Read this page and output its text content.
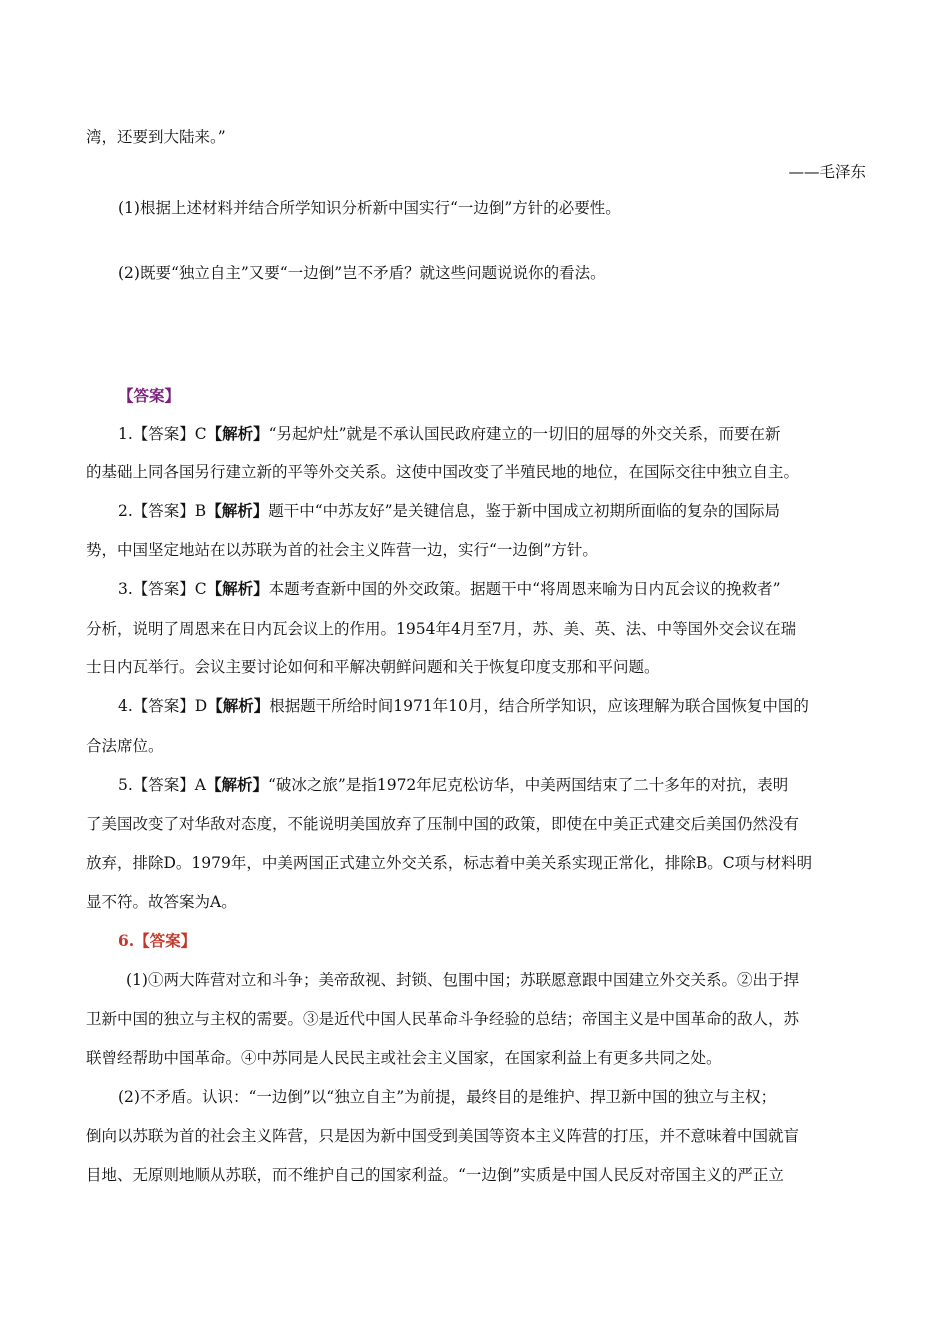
湾，还要到大陆来。”
——毛泽东
(1)根据上述材料并结合所学知识分析新中国实行“一边倒”方针的必要性。
(2)既要“独立自主”又要“一边倒”岂不矛盾？就这些问题说说你的看法。
【答案】
1.【答案】C【解析】“另起炉灶”就是不承认国民政府建立的一切旧的屈辱的外交关系，而要在新
的基础上同各国另行建立新的平等外交关系。这使中国改变了半殖民地的地位，在国际交往中独立自主。
2.【答案】B【解析】题干中“中苏友好”是关键信息，鉴于新中国成立初期所面临的复杂的国际局
势，中国坚定地站在以苏联为首的社会主义阵营一边，实行“一边倒”方针。
3.【答案】C【解析】本题考查新中国的外交政策。据题干中“将周恩来喻为日内瓦会议的挽救者”
分析，说明了周恩来在日内瓦会议上的作用。1954年4月至7月，苏、美、英、法、中等国外交会议在瑞
士日内瓦举行。会议主要讨论如何和平解决朝鲜问题和关于恢复印度支那和平问题。
4.【答案】D【解析】根据题干所给时间1971年10月，结合所学知识，应该理解为联合国恢复中国的
合法席位。
5.【答案】A【解析】“破冰之旅”是指1972年尼克松访华，中美两国结束了二十多年的对抗，表明
了美国改变了对华敌对态度，不能说明美国放弃了压制中国的政策，即使在中美正式建交后美国仍然没有
放弃，排除D。1979年，中美两国正式建立外交关系，标志着中美关系实现正常化，排除B。C项与材料明
显不符。故答案为A。
6.【答案】
(1)①两大阵营对立和斗争；美帝敌视、封锁、包围中国；苏联愿意跟中国建立外交关系。②出于捍
卫新中国的独立与主权的需要。③是近代中国人民革命斗争经验的总结；帝国主义是中国革命的敌人，苏
联曾经帮助中国革命。④中苏同是人民民主或社会主义国家，在国家利益上有更多共同之处。
(2)不矛盾。认识：“一边倒”以“独立自主”为前提，最终目的是维护、捍卫新中国的独立与主权；
倒向以苏联为首的社会主义阵营，只是因为新中国受到美国等资本主义阵营的打压，并不意味着中国就盲
目地、无原则地顺从苏联，而不维护自己的国家利益。“一边倒”实质是中国人民反对帝国主义的严正立
